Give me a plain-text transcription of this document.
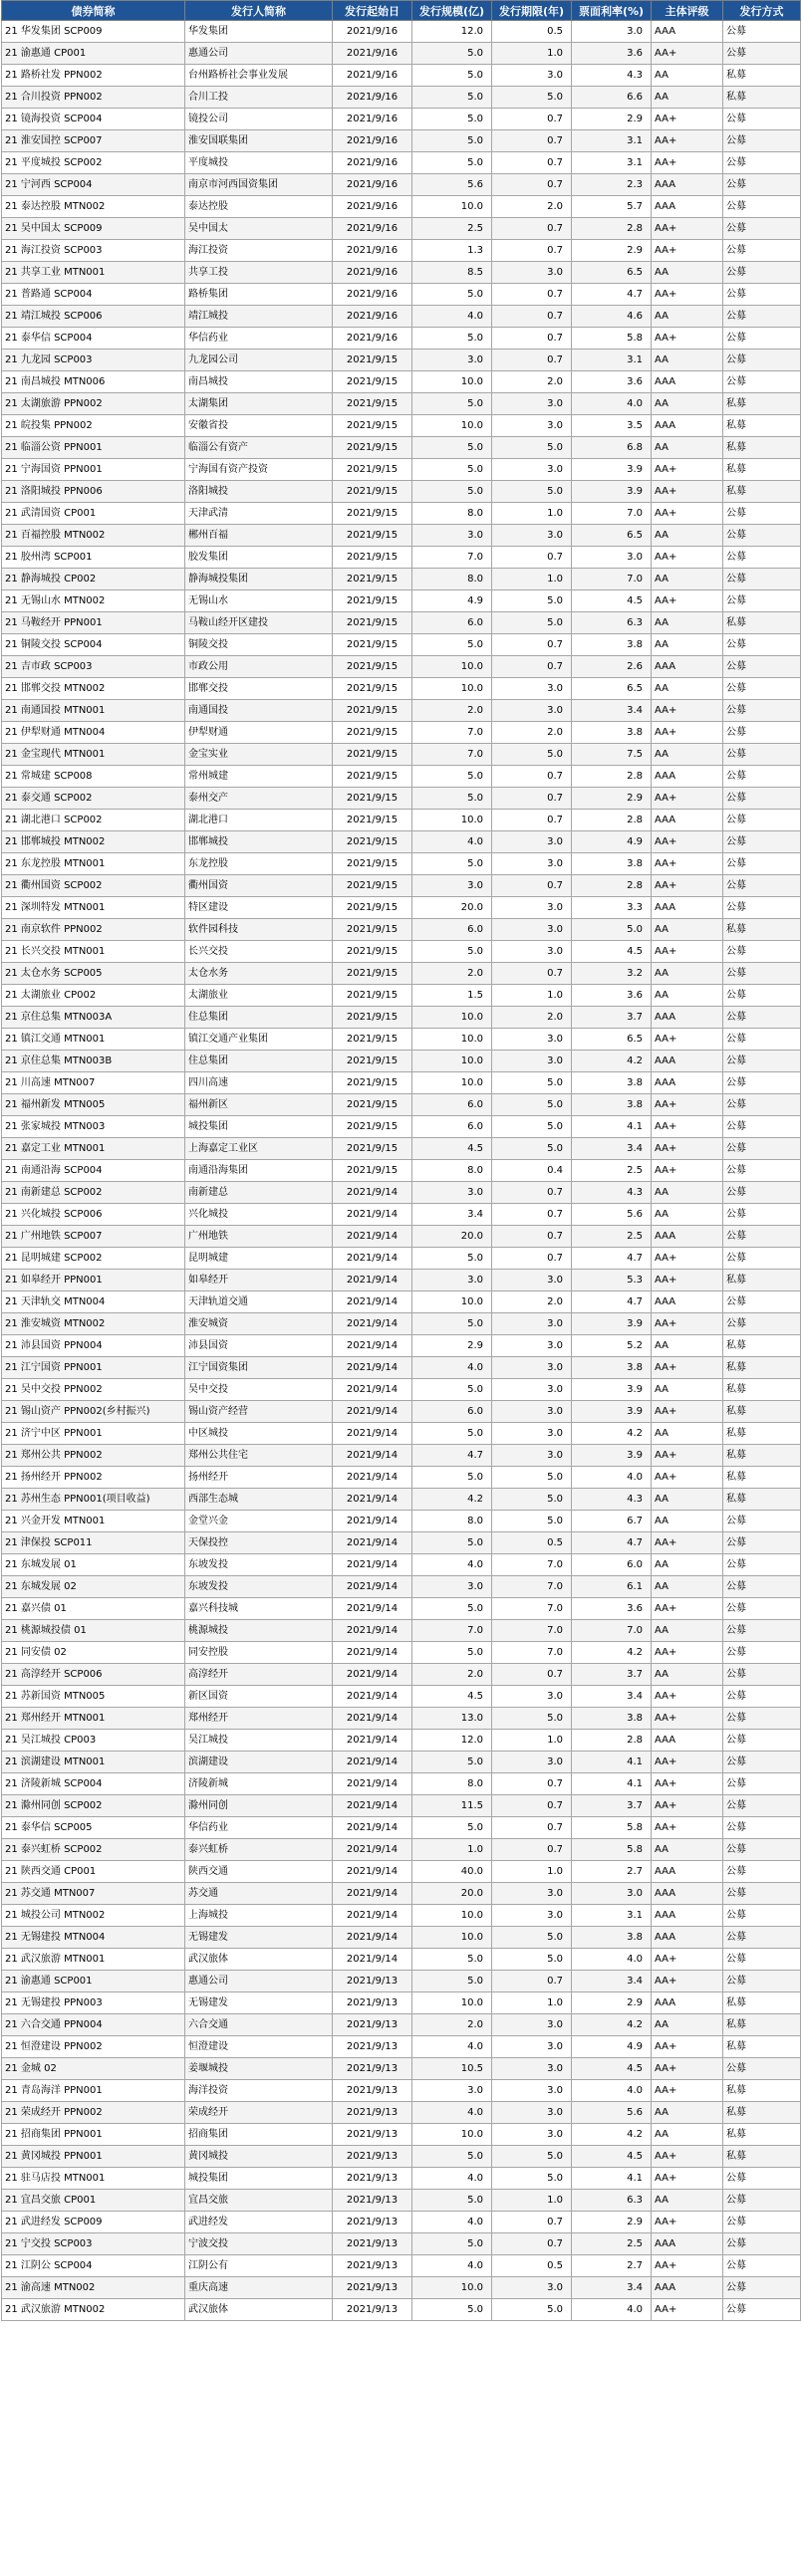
债券简称	发行人简称	发行起始日	发行规模(亿)	发行期限(年)	票面利率(%)	主体评级	发行方式
21 华发集团 SCP009	华发集团	2021/9/16	12.0	0.5	3.0	AAA	公募
21 渝惠通 CP001	惠通公司	2021/9/16	5.0	1.0	3.6	AA+	公募
21 路桥社发 PPN002	台州路桥社会事业发展	2021/9/16	5.0	3.0	4.3	AA	私募
21 合川投资 PPN002	合川工投	2021/9/16	5.0	5.0	6.6	AA	私募
21 镜海投资 SCP004	镜投公司	2021/9/16	5.0	0.7	2.9	AA+	公募
21 淮安国控 SCP007	淮安国联集团	2021/9/16	5.0	0.7	3.1	AA+	公募
21 平度城投 SCP002	平度城投	2021/9/16	5.0	0.7	3.1	AA+	公募
21 宁河西 SCP004	南京市河西国资集团	2021/9/16	5.6	0.7	2.3	AAA	公募
21 泰达控股 MTN002	泰达控股	2021/9/16	10.0	2.0	5.7	AAA	公募
21 吴中国太 SCP009	吴中国太	2021/9/16	2.5	0.7	2.8	AA+	公募
21 海江投资 SCP003	海江投资	2021/9/16	1.3	0.7	2.9	AA+	公募
21 共享工业 MTN001	共享工投	2021/9/16	8.5	3.0	6.5	AA	公募
21 普路通 SCP004	路桥集团	2021/9/16	5.0	0.7	4.7	AA+	公募
21 靖江城投 SCP006	靖江城投	2021/9/16	4.0	0.7	4.6	AA	公募
21 泰华信 SCP004	华信药业	2021/9/16	5.0	0.7	5.8	AA+	公募
21 九龙园 SCP003	九龙园公司	2021/9/15	3.0	0.7	3.1	AA	公募
21 南昌城投 MTN006	南昌城投	2021/9/15	10.0	2.0	3.6	AAA	公募
21 太湖旅游 PPN002	太湖集团	2021/9/15	5.0	3.0	4.0	AA	私募
21 皖投集 PPN002	安徽省投	2021/9/15	10.0	3.0	3.5	AAA	私募
21 临淄公资 PPN001	临淄公有资产	2021/9/15	5.0	5.0	6.8	AA	私募
21 宁海国资 PPN001	宁海国有资产投资	2021/9/15	5.0	3.0	3.9	AA+	私募
21 洛阳城投 PPN006	洛阳城投	2021/9/15	5.0	5.0	3.9	AA+	私募
21 武清国资 CP001	天津武清	2021/9/15	8.0	1.0	7.0	AA+	公募
21 百福控股 MTN002	郴州百福	2021/9/15	3.0	3.0	6.5	AA	公募
21 胶州湾 SCP001	胶发集团	2021/9/15	7.0	0.7	3.0	AA+	公募
21 静海城投 CP002	静海城投集团	2021/9/15	8.0	1.0	7.0	AA	公募
21 无锡山水 MTN002	无锡山水	2021/9/15	4.9	5.0	4.5	AA+	公募
21 马鞍经开 PPN001	马鞍山经开区建投	2021/9/15	6.0	5.0	6.3	AA	私募
21 铜陵交投 SCP004	铜陵交投	2021/9/15	5.0	0.7	3.8	AA	公募
21 吉市政 SCP003	市政公用	2021/9/15	10.0	0.7	2.6	AAA	公募
21 邯郸交投 MTN002	邯郸交投	2021/9/15	10.0	3.0	6.5	AA	公募
21 南通国投 MTN001	南通国投	2021/9/15	2.0	3.0	3.4	AA+	公募
21 伊犁财通 MTN004	伊犁财通	2021/9/15	7.0	2.0	3.8	AA+	公募
21 金宝现代 MTN001	金宝实业	2021/9/15	7.0	5.0	7.5	AA	公募
21 常城建 SCP008	常州城建	2021/9/15	5.0	0.7	2.8	AAA	公募
21 泰交通 SCP002	泰州交产	2021/9/15	5.0	0.7	2.9	AA+	公募
21 湖北港口 SCP002	湖北港口	2021/9/15	10.0	0.7	2.8	AAA	公募
21 邯郸城投 MTN002	邯郸城投	2021/9/15	4.0	3.0	4.9	AA+	公募
21 东龙控股 MTN001	东龙控股	2021/9/15	5.0	3.0	3.8	AA+	公募
21 衢州国资 SCP002	衢州国资	2021/9/15	3.0	0.7	2.8	AA+	公募
21 深圳特发 MTN001	特区建设	2021/9/15	20.0	3.0	3.3	AAA	公募
21 南京软件 PPN002	软件园科技	2021/9/15	6.0	3.0	5.0	AA	私募
21 长兴交投 MTN001	长兴交投	2021/9/15	5.0	3.0	4.5	AA+	公募
21 太仓水务 SCP005	太仓水务	2021/9/15	2.0	0.7	3.2	AA	公募
21 太湖旅业 CP002	太湖旅业	2021/9/15	1.5	1.0	3.6	AA	公募
21 京住总集 MTN003A	住总集团	2021/9/15	10.0	2.0	3.7	AAA	公募
21 镇江交通 MTN001	镇江交通产业集团	2021/9/15	10.0	3.0	6.5	AA+	公募
21 京住总集 MTN003B	住总集团	2021/9/15	10.0	3.0	4.2	AAA	公募
21 川高速 MTN007	四川高速	2021/9/15	10.0	5.0	3.8	AAA	公募
21 福州新发 MTN005	福州新区	2021/9/15	6.0	5.0	3.8	AA+	公募
21 张家城投 MTN003	城投集团	2021/9/15	6.0	5.0	4.1	AA+	公募
21 嘉定工业 MTN001	上海嘉定工业区	2021/9/15	4.5	5.0	3.4	AA+	公募
21 南通沿海 SCP004	南通沿海集团	2021/9/15	8.0	0.4	2.5	AA+	公募
21 南新建总 SCP002	南新建总	2021/9/14	3.0	0.7	4.3	AA	公募
21 兴化城投 SCP006	兴化城投	2021/9/14	3.4	0.7	5.6	AA	公募
21 广州地铁 SCP007	广州地铁	2021/9/14	20.0	0.7	2.5	AAA	公募
21 昆明城建 SCP002	昆明城建	2021/9/14	5.0	0.7	4.7	AA+	公募
21 如皋经开 PPN001	如皋经开	2021/9/14	3.0	3.0	5.3	AA+	私募
21 天津轨交 MTN004	天津轨道交通	2021/9/14	10.0	2.0	4.7	AAA	公募
21 淮安城资 MTN002	淮安城资	2021/9/14	5.0	3.0	3.9	AA+	公募
21 沛县国资 PPN004	沛县国资	2021/9/14	2.9	3.0	5.2	AA	私募
21 江宁国资 PPN001	江宁国资集团	2021/9/14	4.0	3.0	3.8	AA+	私募
21 吴中交投 PPN002	吴中交投	2021/9/14	5.0	3.0	3.9	AA	私募
21 锡山资产 PPN002(乡村振兴)	锡山资产经营	2021/9/14	6.0	3.0	3.9	AA+	私募
21 济宁中区 PPN001	中区城投	2021/9/14	5.0	3.0	4.2	AA	私募
21 郑州公共 PPN002	郑州公共住宅	2021/9/14	4.7	3.0	3.9	AA+	私募
21 扬州经开 PPN002	扬州经开	2021/9/14	5.0	5.0	4.0	AA+	私募
21 苏州生态 PPN001(项目收益)	西部生态城	2021/9/14	4.2	5.0	4.3	AA	私募
21 兴金开发 MTN001	金堂兴金	2021/9/14	8.0	5.0	6.7	AA	公募
21 津保投 SCP011	天保投控	2021/9/14	5.0	0.5	4.7	AA+	公募
21 东城发展 01	东坡发投	2021/9/14	4.0	7.0	6.0	AA	公募
21 东城发展 02	东坡发投	2021/9/14	3.0	7.0	6.1	AA	公募
21 嘉兴债 01	嘉兴科技城	2021/9/14	5.0	7.0	3.6	AA+	公募
21 桃源城投债 01	桃源城投	2021/9/14	7.0	7.0	7.0	AA	公募
21 同安债 02	同安控股	2021/9/14	5.0	7.0	4.2	AA+	公募
21 高淳经开 SCP006	高淳经开	2021/9/14	2.0	0.7	3.7	AA	公募
21 苏新国资 MTN005	新区国资	2021/9/14	4.5	3.0	3.4	AA+	公募
21 郑州经开 MTN001	郑州经开	2021/9/14	13.0	5.0	3.8	AA+	公募
21 吴江城投 CP003	吴江城投	2021/9/14	12.0	1.0	2.8	AAA	公募
21 滨湖建设 MTN001	滨湖建设	2021/9/14	5.0	3.0	4.1	AA+	公募
21 济陵新城 SCP004	济陵新城	2021/9/14	8.0	0.7	4.1	AA+	公募
21 滁州同创 SCP002	滁州同创	2021/9/14	11.5	0.7	3.7	AA+	公募
21 泰华信 SCP005	华信药业	2021/9/14	5.0	0.7	5.8	AA+	公募
21 泰兴虹桥 SCP002	泰兴虹桥	2021/9/14	1.0	0.7	5.8	AA	公募
21 陕西交通 CP001	陕西交通	2021/9/14	40.0	1.0	2.7	AAA	公募
21 苏交通 MTN007	苏交通	2021/9/14	20.0	3.0	3.0	AAA	公募
21 城投公司 MTN002	上海城投	2021/9/14	10.0	3.0	3.1	AAA	公募
21 无锡建投 MTN004	无锡建发	2021/9/14	10.0	5.0	3.8	AAA	公募
21 武汉旅游 MTN001	武汉旅体	2021/9/14	5.0	5.0	4.0	AA+	公募
21 渝惠通 SCP001	惠通公司	2021/9/13	5.0	0.7	3.4	AA+	公募
21 无锡建投 PPN003	无锡建发	2021/9/13	10.0	1.0	2.9	AAA	私募
21 六合交通 PPN004	六合交通	2021/9/13	2.0	3.0	4.2	AA	私募
21 恒澄建设 PPN002	恒澄建设	2021/9/13	4.0	3.0	4.9	AA+	私募
21 金城 02	姜堰城投	2021/9/13	10.5	3.0	4.5	AA+	公募
21 青岛海洋 PPN001	海洋投资	2021/9/13	3.0	3.0	4.0	AA+	私募
21 荣成经开 PPN002	荣成经开	2021/9/13	4.0	3.0	5.6	AA	私募
21 招商集团 PPN001	招商集团	2021/9/13	10.0	3.0	4.2	AA	私募
21 黄冈城投 PPN001	黄冈城投	2021/9/13	5.0	5.0	4.5	AA+	私募
21 驻马店投 MTN001	城投集团	2021/9/13	4.0	5.0	4.1	AA+	公募
21 宜昌交旅 CP001	宜昌交旅	2021/9/13	5.0	1.0	6.3	AA	公募
21 武进经发 SCP009	武进经发	2021/9/13	4.0	0.7	2.9	AA+	公募
21 宁交投 SCP003	宁波交投	2021/9/13	5.0	0.7	2.5	AAA	公募
21 江阴公 SCP004	江阴公有	2021/9/13	4.0	0.5	2.7	AA+	公募
21 渝高速 MTN002	重庆高速	2021/9/13	10.0	3.0	3.4	AAA	公募
21 武汉旅游 MTN002	武汉旅体	2021/9/13	5.0	5.0	4.0	AA+	公募
